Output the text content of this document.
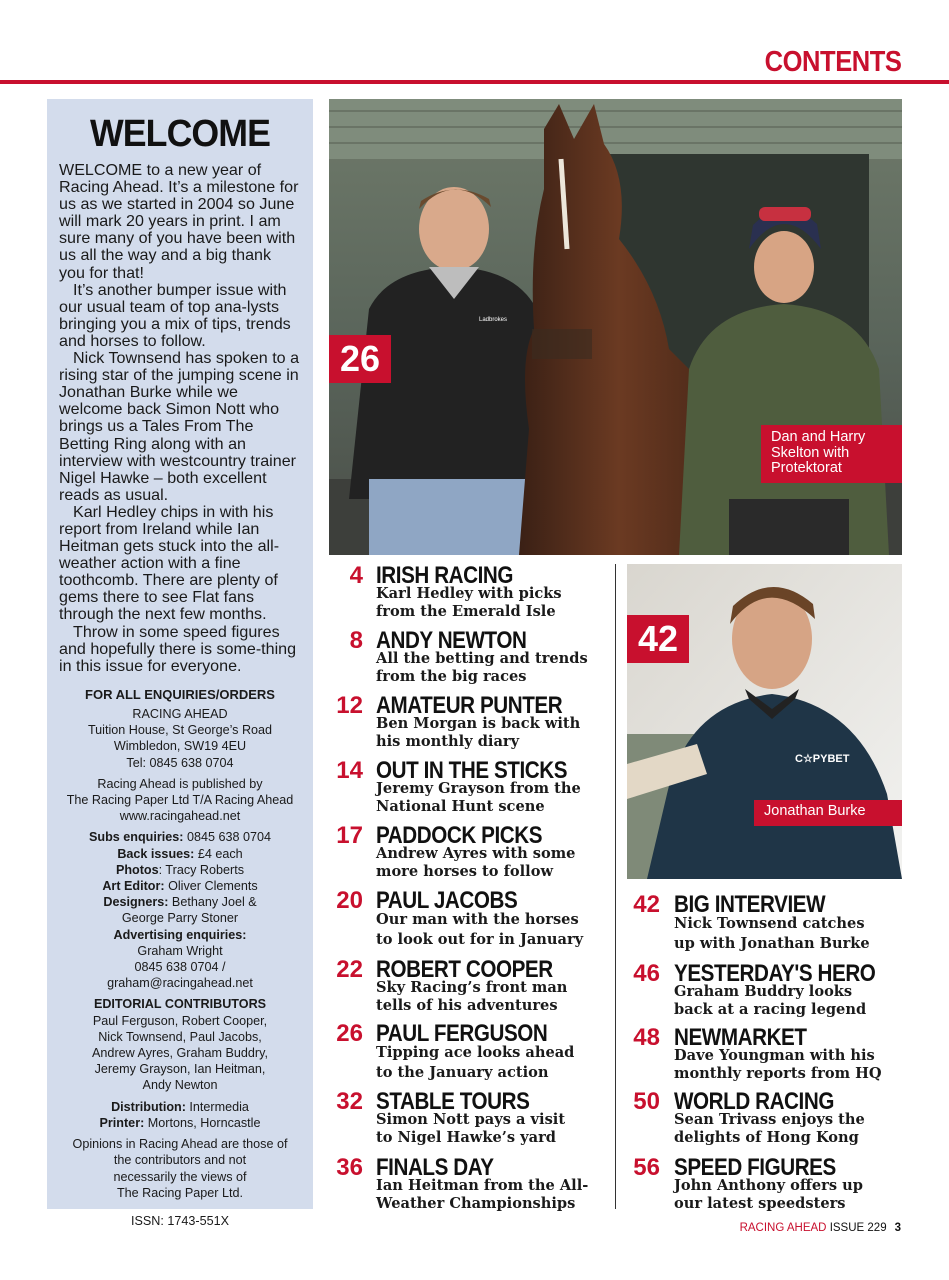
CONTENTS
WELCOME

WELCOME to a new year of Racing Ahead. It’s a milestone for us as we started in 2004 so June will mark 20 years in print. I am sure many of you have been with us all the way and a big thank you for that!

It’s another bumper issue with our usual team of top ana-lysts bringing you a mix of tips, trends and horses to follow.

Nick Townsend has spoken to a rising star of the jumping scene in Jonathan Burke while we welcome back Simon Nott who brings us a Tales From The Betting Ring along with an interview with westcountry trainer Nigel Hawke – both excellent reads as usual.

Karl Hedley chips in with his report from Ireland while Ian Heitman gets stuck into the all-weather action with a fine toothcomb. There are plenty of gems there to see Flat fans through the next few months.

Throw in some speed figures and hopefully there is some-thing in this issue for everyone.

FOR ALL ENQUIRIES/ORDERS
RACING AHEAD
Tuition House, St George’s Road
Wimbledon, SW19 4EU
Tel: 0845 638 0704
Racing Ahead is published by
The Racing Paper Ltd T/A Racing Ahead
www.racingahead.net
Subs enquiries: 0845 638 0704
Back issues: £4 each
Photos: Tracy Roberts
Art Editor: Oliver Clements
Designers: Bethany Joel &
George Parry Stoner
Advertising enquiries:
Graham Wright
0845 638 0704 /
graham@racingahead.net
EDITORIAL CONTRIBUTORS
Paul Ferguson, Robert Cooper,
Nick Townsend, Paul Jacobs,
Andrew Ayres, Graham Buddry,
Jeremy Grayson, Ian Heitman,
Andy Newton
Distribution: Intermedia
Printer: Mortons, Horncastle
Opinions in Racing Ahead are those of
the contributors and not
necessarily the views of
The Racing Paper Ltd.
ISSN: 1743-551X
26
Dan and Harry
Skelton with
Protektorat
Ladbrokes
42
Jonathan Burke
C☆PYBET
4 IRISH RACING
Karl Hedley with picks
from the Emerald Isle
8 ANDY NEWTON
All the betting and trends
from the big races
12 AMATEUR PUNTER
Ben Morgan is back with
his monthly diary
14 OUT IN THE STICKS
Jeremy Grayson from the
National Hunt scene
17 PADDOCK PICKS
Andrew Ayres with some
more horses to follow
20 PAUL JACOBS
Our man with the horses
to look out for in January
22 ROBERT COOPER
Sky Racing’s front man
tells of his adventures
26 PAUL FERGUSON
Tipping ace looks ahead
to the January action
32 STABLE TOURS
Simon Nott pays a visit
to Nigel Hawke’s yard
36 FINALS DAY
Ian Heitman from the All-
Weather Championships
42 BIG INTERVIEW
Nick Townsend catches
up with Jonathan Burke
46 YESTERDAY'S HERO
Graham Buddry looks
back at a racing legend
48 NEWMARKET
Dave Youngman with his
monthly reports from HQ
50 WORLD RACING
Sean Trivass enjoys the
delights of Hong Kong
56 SPEED FIGURES
John Anthony offers up
our latest speedsters
RACING AHEAD ISSUE 229 3
